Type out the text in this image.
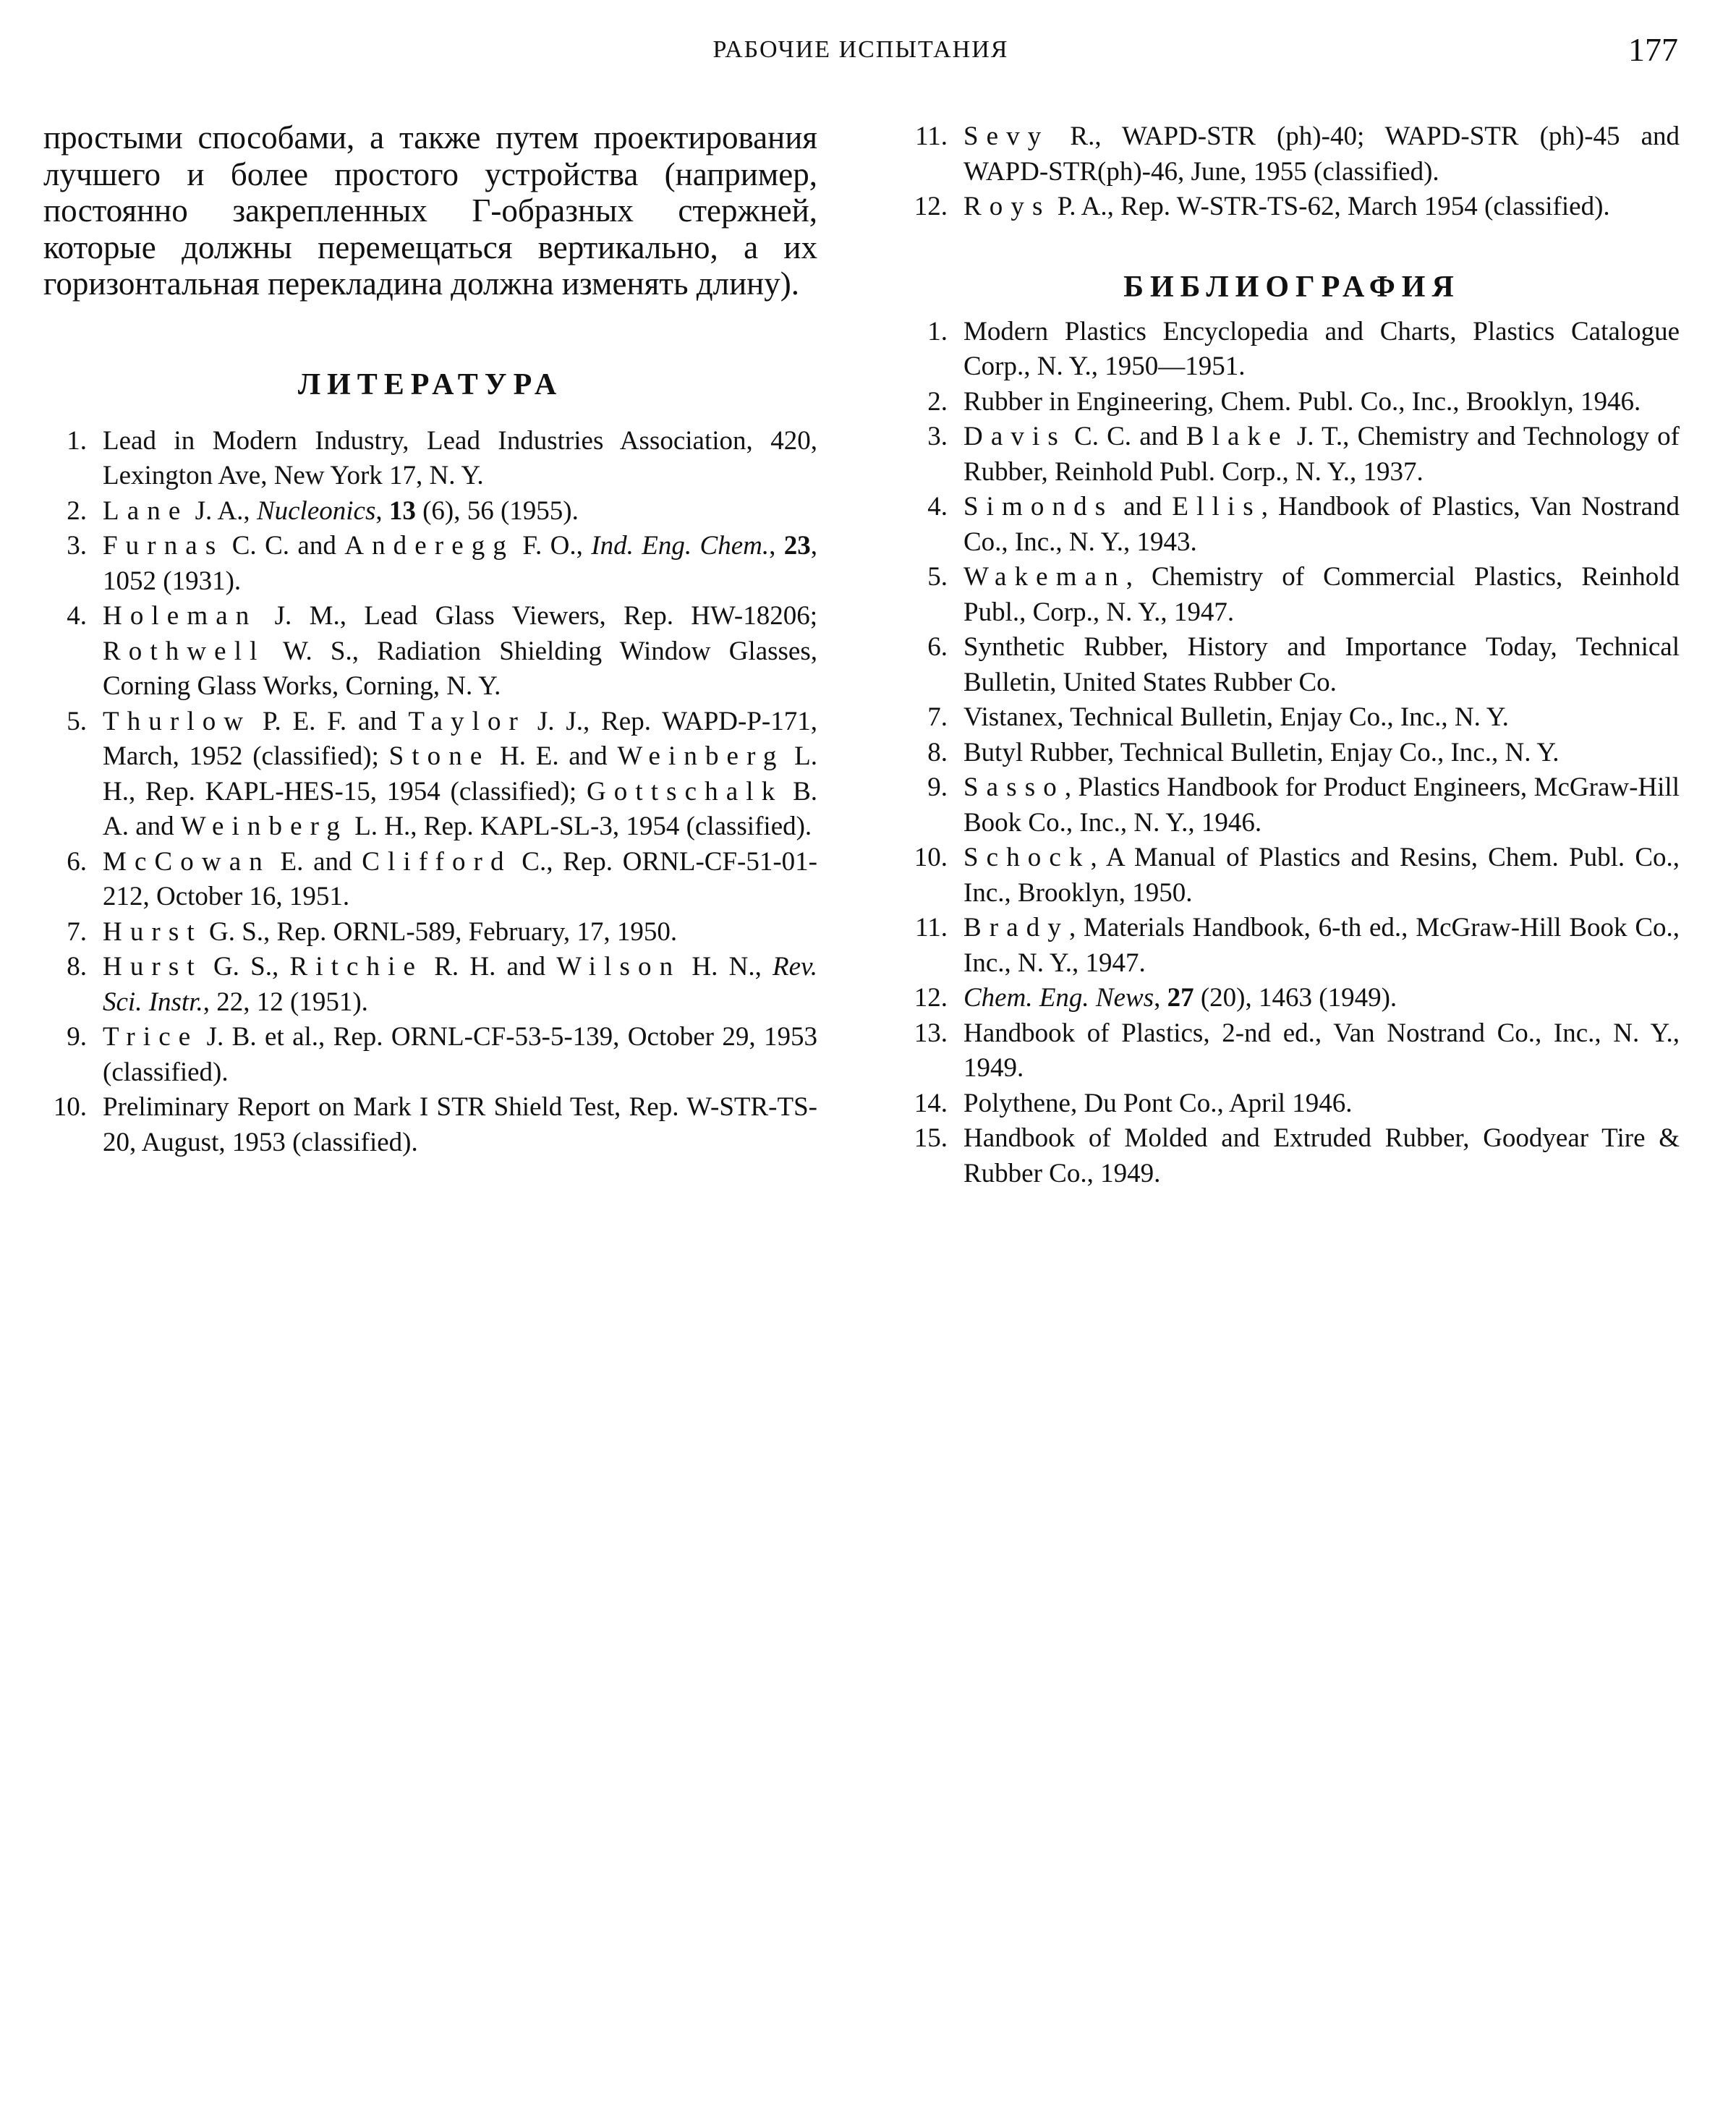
РАБОЧИЕ ИСПЫТАНИЯ	177

простыми способами, а также путем проектирования лучшего и более простого устройства (например, постоянно закрепленных Г-образных стержней, которые должны перемещаться вертикально, а их горизонтальная перекладина должна изменять длину).

ЛИТЕРАТУРА
1. Lead in Modern Industry, Lead Industries Association, 420, Lexington Ave, New York 17, N. Y.
2. Lane J. A., Nucleonics, 13 (6), 56 (1955).
3. Furnas C. C. and Anderegg F. O., Ind. Eng. Chem., 23, 1052 (1931).
4. Holeman J. M., Lead Glass Viewers, Rep. HW-18206; Rothwell W. S., Radiation Shielding Window Glasses, Corning Glass Works, Corning, N. Y.
5. Thurlow P. E. F. and Taylor J. J., Rep. WAPD-P-171, March, 1952 (classified); Stone H. E. and Weinberg L. H., Rep. KAPL-HES-15, 1954 (classified); Gottschalk B. A. and Weinberg L. H., Rep. KAPL-SL-3, 1954 (classified).
6. McCowan E. and Clifford C., Rep. ORNL-CF-51-01-212, October 16, 1951.
7. Hurst G. S., Rep. ORNL-589, February, 17, 1950.
8. Hurst G. S., Ritchie R. H. and Wilson H. N., Rev. Sci. Instr., 22, 12 (1951).
9. Trice J. B. et al., Rep. ORNL-CF-53-5-139, October 29, 1953 (classified).
10. Preliminary Report on Mark I STR Shield Test, Rep. W-STR-TS-20, August, 1953 (classified).
11. Sevy R., WAPD-STR (ph)-40; WAPD-STR (ph)-45 and WAPD-STR(ph)-46, June, 1955 (classified).
12. Roys P. A., Rep. W-STR-TS-62, March 1954 (classified).
БИБЛИОГРАФИЯ
1. Modern Plastics Encyclopedia and Charts, Plastics Catalogue Corp., N. Y., 1950—1951.
2. Rubber in Engineering, Chem. Publ. Co., Inc., Brooklyn, 1946.
3. Davis C. C. and Blake J. T., Chemistry and Technology of Rubber, Reinhold Publ. Corp., N. Y., 1937.
4. Simonds and Ellis, Handbook of Plastics, Van Nostrand Co., Inc., N. Y., 1943.
5. Wakeman, Chemistry of Commercial Plastics, Reinhold Publ., Corp., N. Y., 1947.
6. Synthetic Rubber, History and Importance Today, Technical Bulletin, United States Rubber Co.
7. Vistanex, Technical Bulletin, Enjay Co., Inc., N. Y.
8. Butyl Rubber, Technical Bulletin, Enjay Co., Inc., N. Y.
9. Sasso, Plastics Handbook for Product Engineers, McGraw-Hill Book Co., Inc., N. Y., 1946.
10. Schock, A Manual of Plastics and Resins, Chem. Publ. Co., Inc., Brooklyn, 1950.
11. Brady, Materials Handbook, 6-th ed., McGraw-Hill Book Co., Inc., N. Y., 1947.
12. Chem. Eng. News, 27 (20), 1463 (1949).
13. Handbook of Plastics, 2-nd ed., Van Nostrand Co., Inc., N. Y., 1949.
14. Polythene, Du Pont Co., April 1946.
15. Handbook of Molded and Extruded Rubber, Goodyear Tire & Rubber Co., 1949.
